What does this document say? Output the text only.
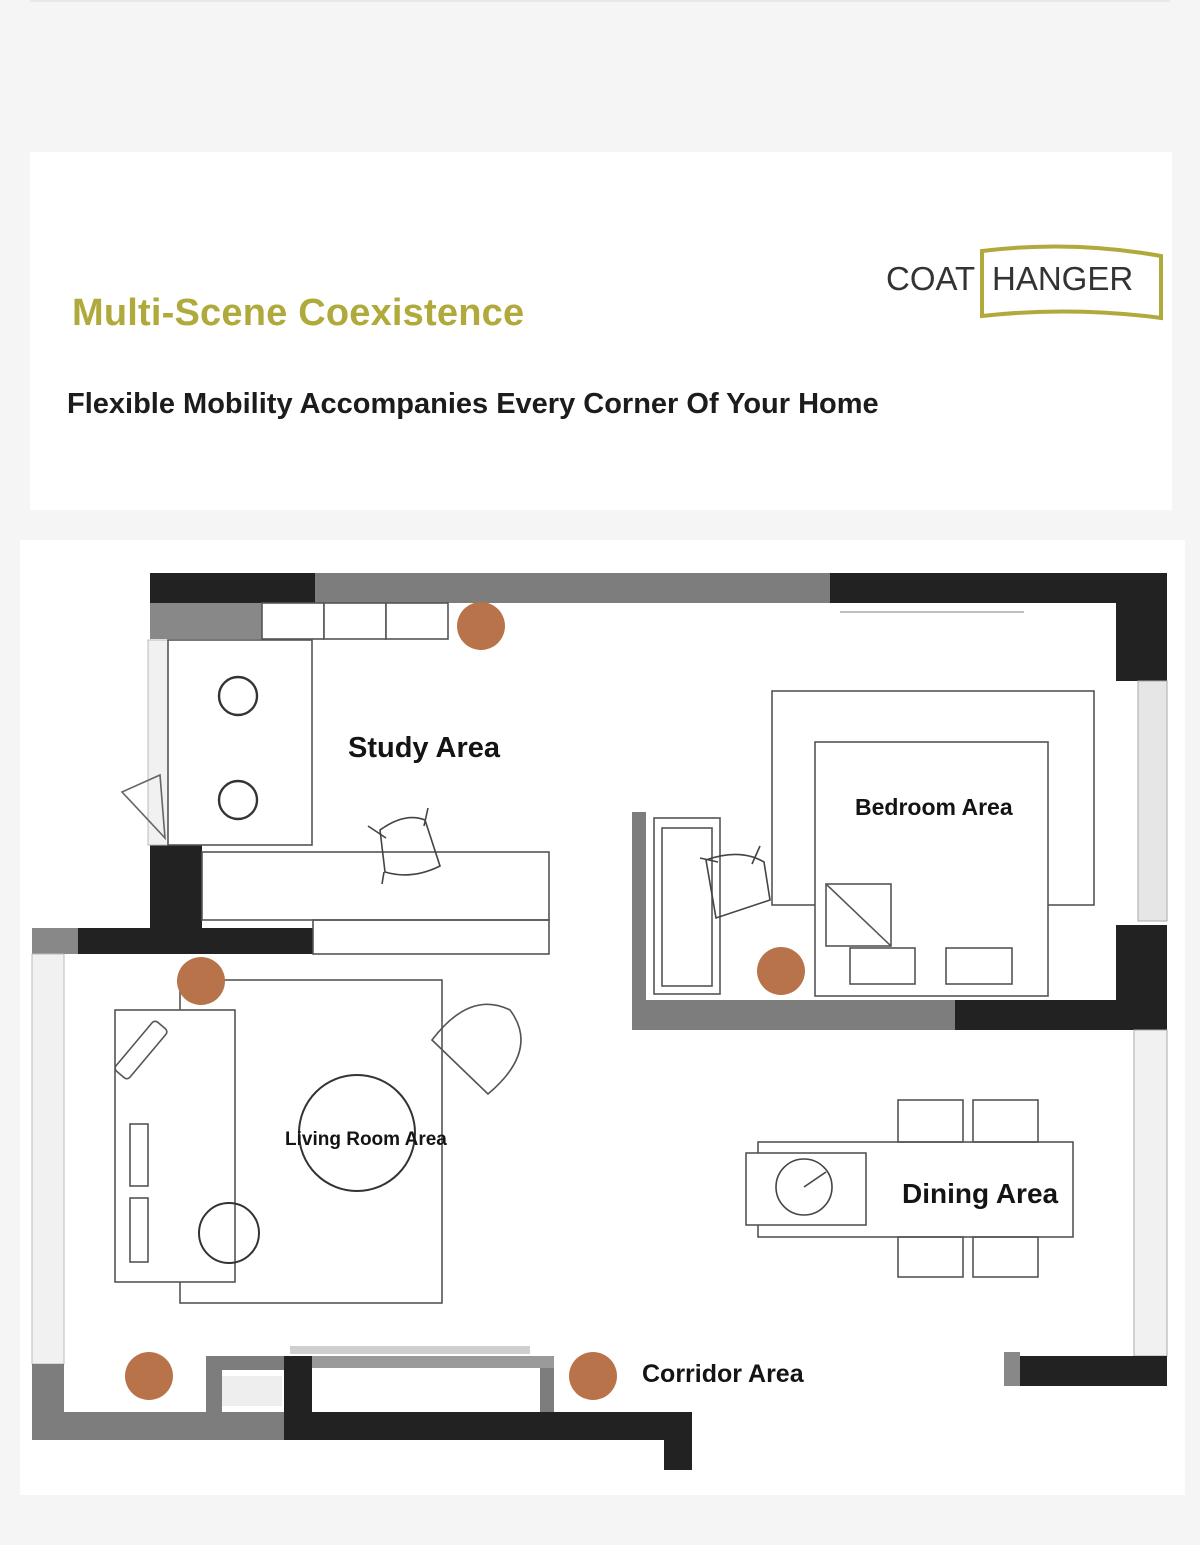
Multi-Scene Coexistence
Flexible Mobility Accompanies Every Corner Of Your Home
COAT HANGER
Study Area
Bedroom Area
Living Room Area
Dining Area
Corridor Area
